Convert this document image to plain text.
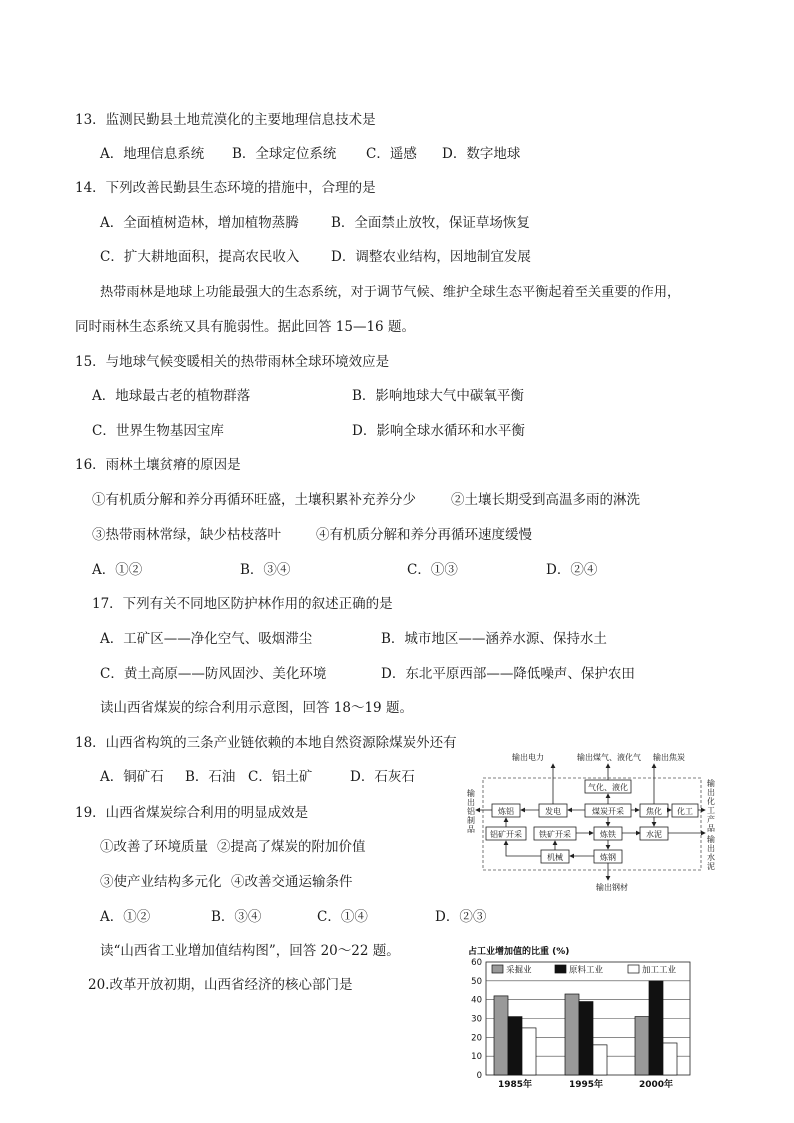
13．监测民勤县土地荒漠化的主要地理信息技术是
A．地理信息系统 B．全球定位系统 C．遥感 D．数字地球
14．下列改善民勤县生态环境的措施中，合理的是
A．全面植树造林，增加植物蒸腾 B．全面禁止放牧，保证草场恢复
C．扩大耕地面积，提高农民收入 D．调整农业结构，因地制宜发展
热带雨林是地球上功能最强大的生态系统，对于调节气候、维护全球生态平衡起着至关重要的作用，
同时雨林生态系统又具有脆弱性。据此回答 15—16 题。
15．与地球气候变暖相关的热带雨林全球环境效应是
A．地球最古老的植物群落	B．影响地球大气中碳氧平衡
C．世界生物基因宝库	D．影响全球水循环和水平衡
16．雨林土壤贫瘠的原因是
①有机质分解和养分再循环旺盛，土壤积累补充养分少	②土壤长期受到高温多雨的淋洗
③热带雨林常绿，缺少枯枝落叶	④有机质分解和养分再循环速度缓慢
A．①②	B．③④	C．①③	D．②④
17．下列有关不同地区防护林作用的叙述正确的是
A．工矿区——净化空气、吸烟滞尘	B．城市地区——涵养水源、保持水土
C．黄土高原——防风固沙、美化环境	D．东北平原西部——降低噪声、保护农田
读山西省煤炭的综合利用示意图，回答 18～19 题。
18．山西省构筑的三条产业链依赖的本地自然资源除煤炭外还有
A．铜矿石 B．石油 C．铝土矿	D．石灰石
19．山西省煤炭综合利用的明显成效是
①改善了环境质量 ②提高了煤炭的附加价值
③使产业结构多元化 ④改善交通运输条件
A．①②	B．③④	C．①④	D．②③
读“山西省工业增加值结构图”，回答 20～22 题。
20.改革开放初期，山西省经济的核心部门是
输出电力	输出煤气、液化气 输出焦炭
输
出
铝
制
品
输
出
化
工
产
品
输
出
水
泥
输出钢材
炼铝	发电
气化、液化
煤炭开采	焦化 化工
铝矿开采 铁矿开采	炼铁	水泥
机械	炼钢
占工业增加值的比重 (%)
采掘业	原料工业	加工工业
0
10
20
30
40
50
60
1985年	1995年	2000年
